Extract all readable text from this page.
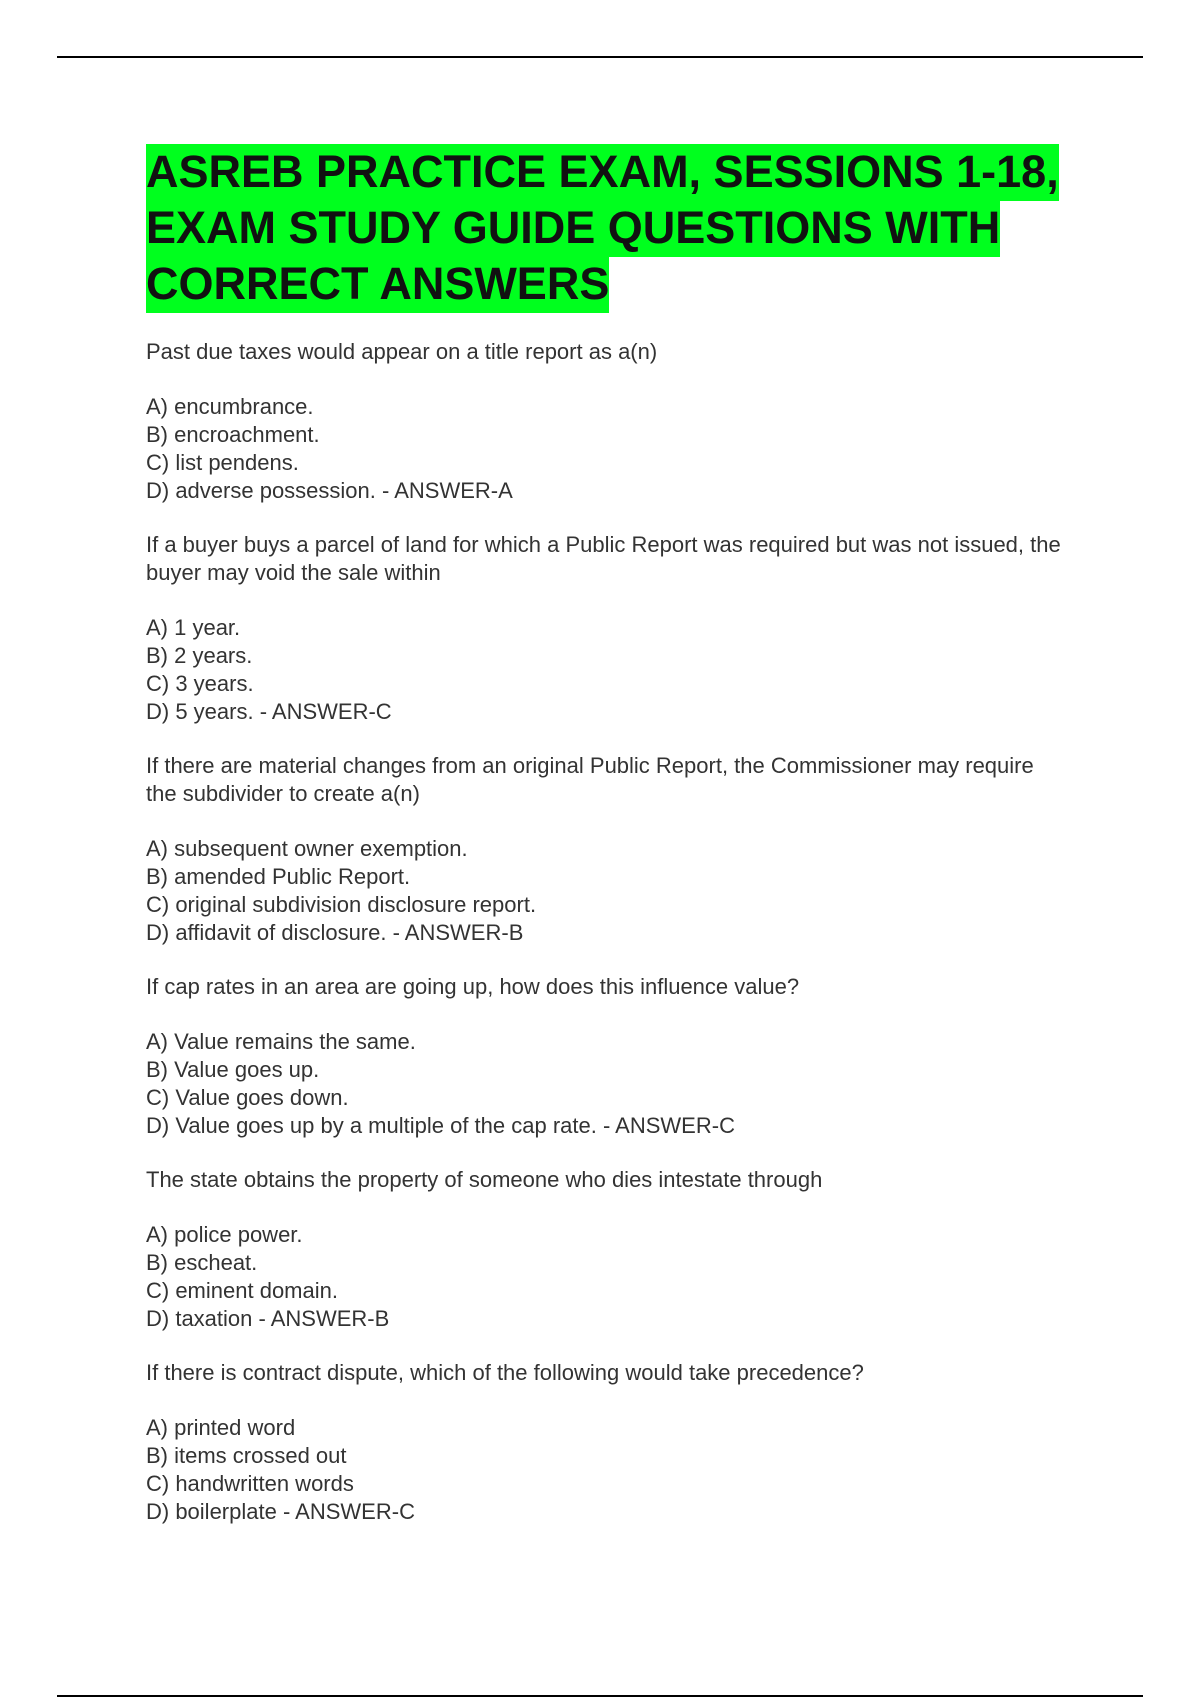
ASREB PRACTICE EXAM, SESSIONS 1-18, EXAM STUDY GUIDE QUESTIONS WITH CORRECT ANSWERS

Past due taxes would appear on a title report as a(n)

A) encumbrance.
B) encroachment.
C) list pendens.
D) adverse possession. - ANSWER-A

If a buyer buys a parcel of land for which a Public Report was required but was not issued, the buyer may void the sale within

A) 1 year.
B) 2 years.
C) 3 years.
D) 5 years. - ANSWER-C

If there are material changes from an original Public Report, the Commissioner may require the subdivider to create a(n)

A) subsequent owner exemption.
B) amended Public Report.
C) original subdivision disclosure report.
D) affidavit of disclosure. - ANSWER-B

If cap rates in an area are going up, how does this influence value?

A) Value remains the same.
B) Value goes up.
C) Value goes down.
D) Value goes up by a multiple of the cap rate. - ANSWER-C

The state obtains the property of someone who dies intestate through

A) police power.
B) escheat.
C) eminent domain.
D) taxation - ANSWER-B

If there is contract dispute, which of the following would take precedence?

A) printed word
B) items crossed out
C) handwritten words
D) boilerplate - ANSWER-C
